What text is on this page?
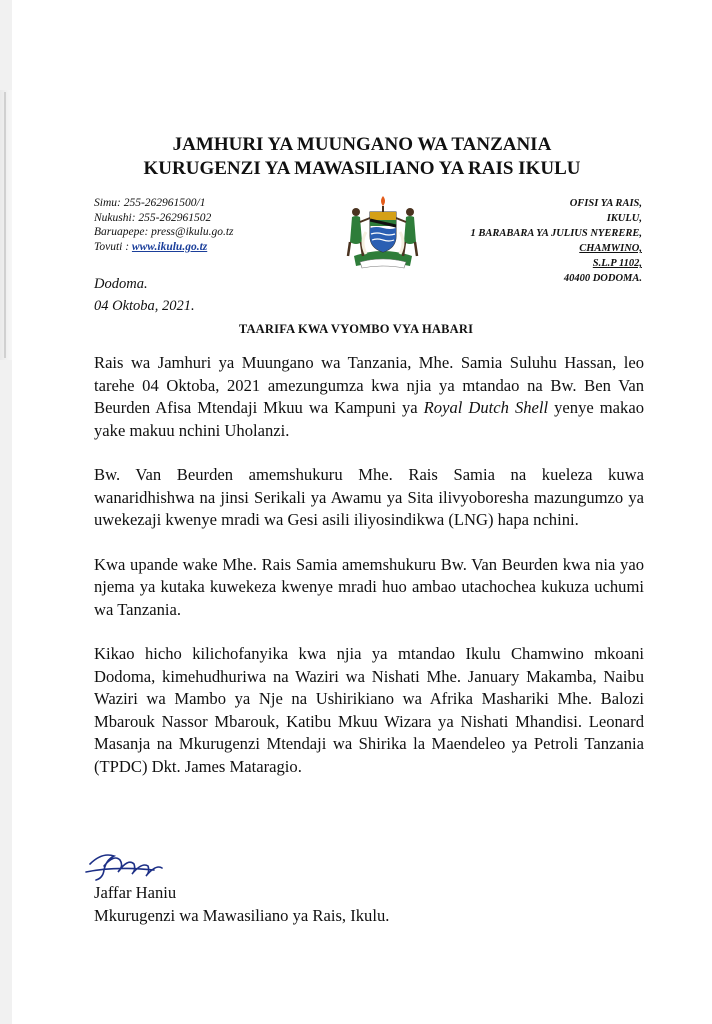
JAMHURI YA MUUNGANO WA TANZANIA
KURUGENZI YA MAWASILIANO YA RAIS IKULU
Simu: 255-262961500/1
Nukushi: 255-262961502
Baruapepe: press@ikulu.go.tz
Tovuti : www.ikulu.go.tz
OFISI YA RAIS,
IKULU,
1 BARABARA YA JULIUS NYERERE,
CHAMWINO,
S.L.P 1102,
40400 DODOMA.
Dodoma.
04 Oktoba, 2021.
TAARIFA KWA VYOMBO VYA HABARI

Rais wa Jamhuri ya Muungano wa Tanzania, Mhe. Samia Suluhu Hassan, leo tarehe 04 Oktoba, 2021 amezungumza kwa njia ya mtandao na Bw. Ben Van Beurden Afisa Mtendaji Mkuu wa Kampuni ya Royal Dutch Shell yenye makao yake makuu nchini Uholanzi.

Bw. Van Beurden amemshukuru Mhe. Rais Samia na kueleza kuwa wanaridhishwa na jinsi Serikali ya Awamu ya Sita ilivyoboresha mazungumzo ya uwekezaji kwenye mradi wa Gesi asili iliyosindikwa (LNG) hapa nchini.

Kwa upande wake Mhe. Rais Samia amemshukuru Bw. Van Beurden kwa nia yao njema ya kutaka kuwekeza kwenye mradi huo ambao utachochea kukuza uchumi wa Tanzania.

Kikao hicho kilichofanyika kwa njia ya mtandao Ikulu Chamwino mkoani Dodoma, kimehudhuriwa na Waziri wa Nishati Mhe. January Makamba, Naibu Waziri wa Mambo ya Nje na Ushirikiano wa Afrika Mashariki Mhe. Balozi Mbarouk Nassor Mbarouk, Katibu Mkuu Wizara ya Nishati Mhandisi. Leonard Masanja na Mkurugenzi Mtendaji wa Shirika la Maendeleo ya Petroli Tanzania (TPDC) Dkt. James Mataragio.

Jaffar Haniu
Mkurugenzi wa Mawasiliano ya Rais, Ikulu.
